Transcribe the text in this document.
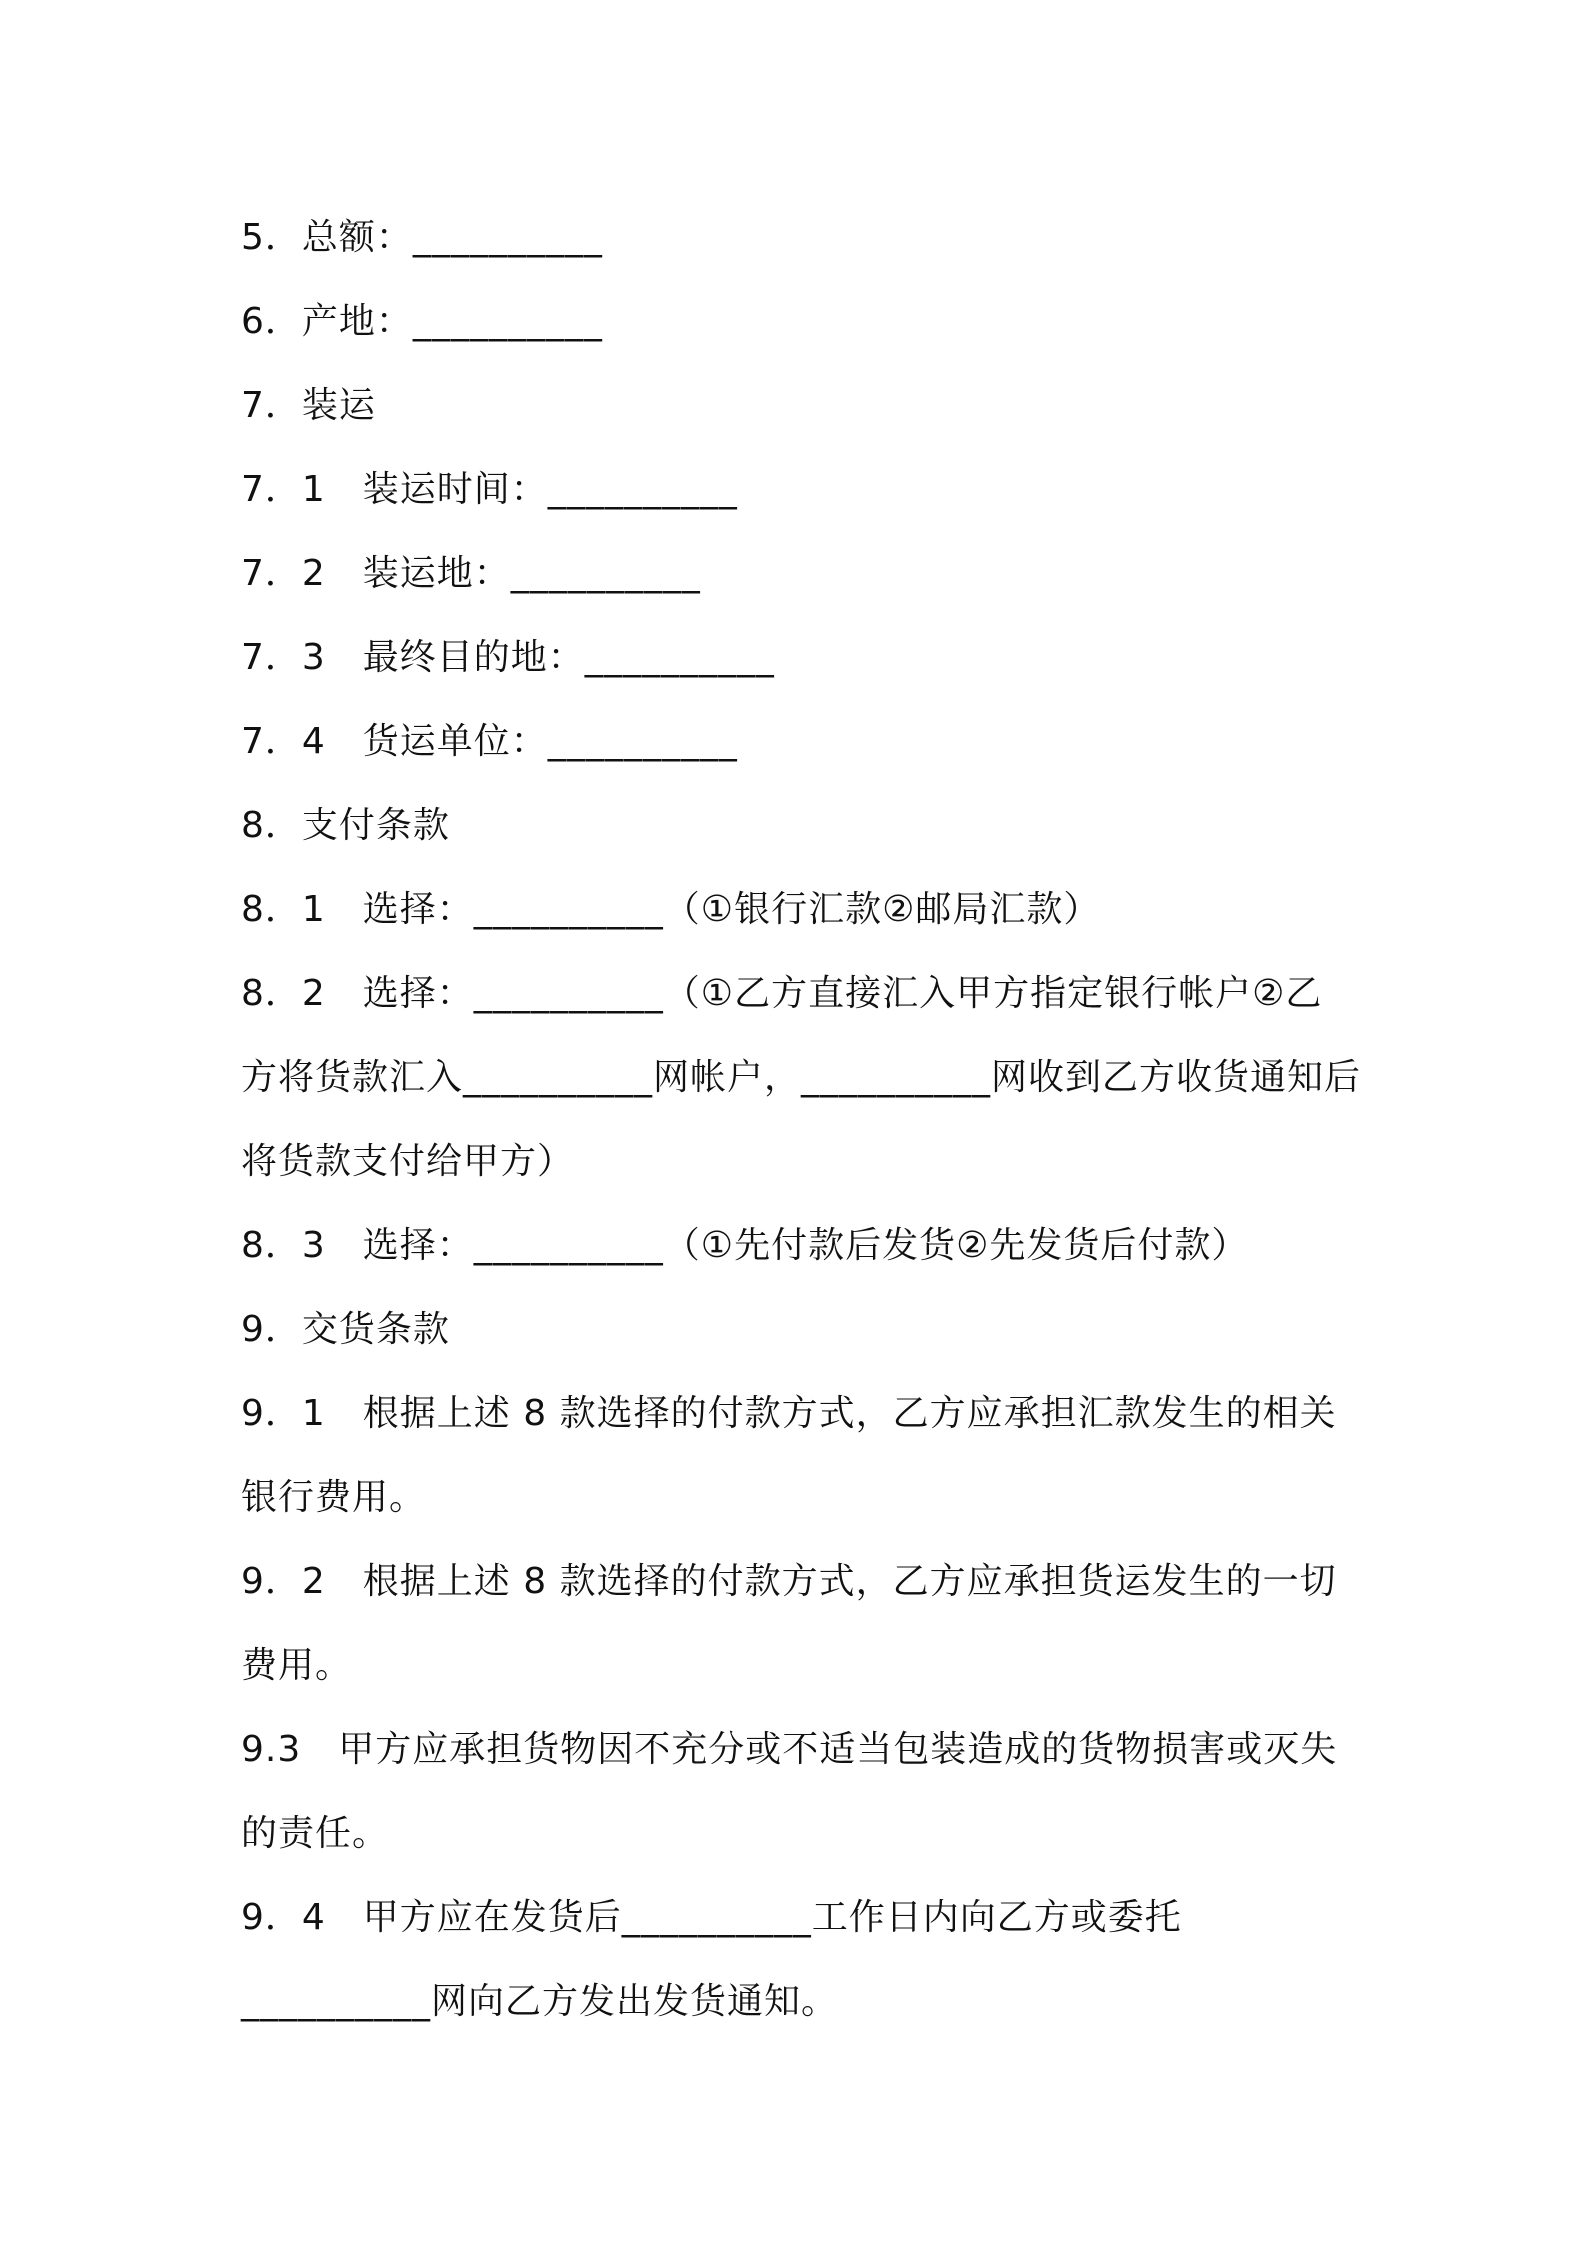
5．总额：__________
6．产地：__________
7．装运
7．1　装运时间：__________
7．2　装运地：__________
7．3　最终目的地：__________
7．4　货运单位：__________
8．支付条款
8．1　选择：__________（①银行汇款②邮局汇款）
8．2　选择：__________（①乙方直接汇入甲方指定银行帐户②乙
方将货款汇入__________网帐户，__________网收到乙方收货通知后
将货款支付给甲方）
8．3　选择：__________（①先付款后发货②先发货后付款）
9．交货条款
9．1　根据上述 8 款选择的付款方式，乙方应承担汇款发生的相关
银行费用。
9．2　根据上述 8 款选择的付款方式，乙方应承担货运发生的一切
费用。
9.3　甲方应承担货物因不充分或不适当包装造成的货物损害或灭失
的责任。
9．4　甲方应在发货后__________工作日内向乙方或委托
__________网向乙方发出发货通知。
